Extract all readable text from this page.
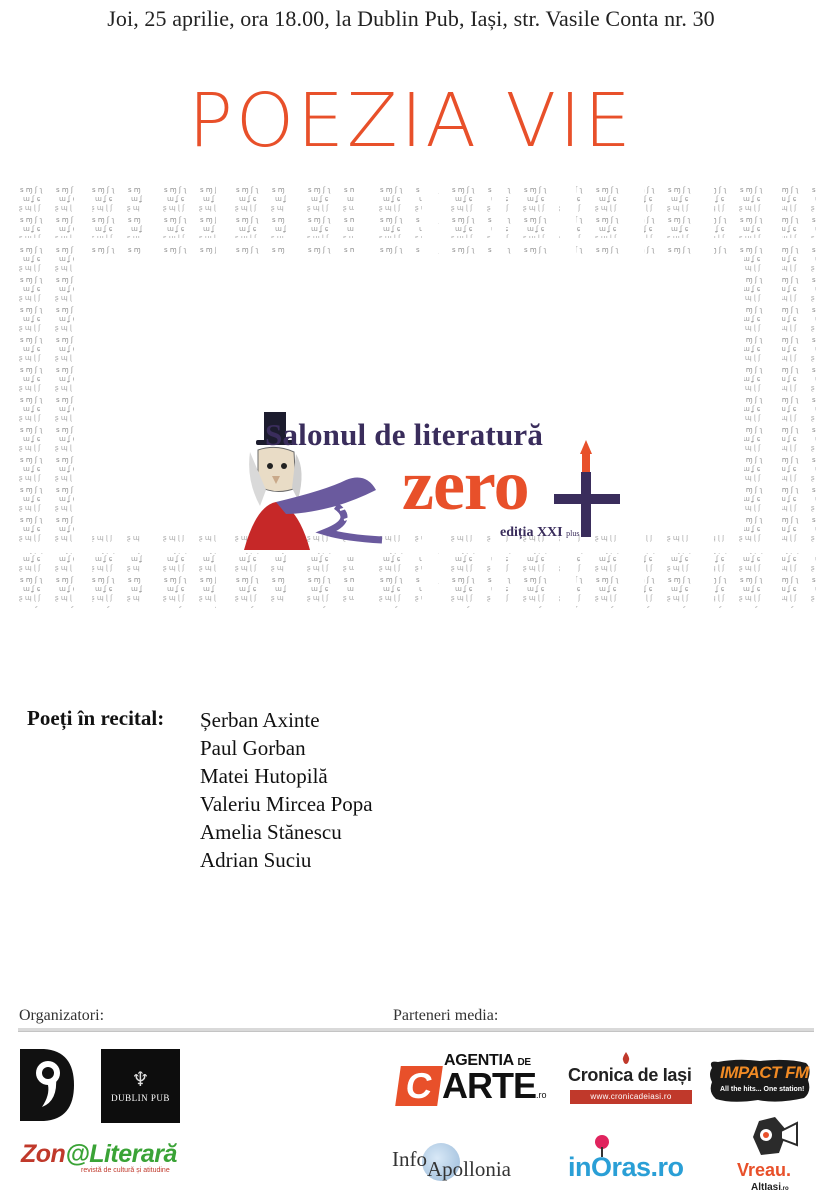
Joi, 25 aprilie, ora 18.00, la Dublin Pub, Iași, str. Vasile Conta nr. 30
POEZIA VIE
Salonul de literatură
zero
ediția XXI plus
Poeți în recital: Șerban Axinte
Paul Gorban
Matei Hutopilă
Valeriu Mircea Popa
Amelia Stănescu
Adrian Suciu
Organizatori:	Parteneri media:
♆
DUBLIN PUB
Zon@Literară
revistă de cultură și atitudine
AGENTIA DE
C ARTE .ro
Cronica de Iași
www.cronicadeiasi.ro
IMPACT FM
All the hits... One station!
InfoApollonia inOras.ro	Vreau.
AltIasi.ro
